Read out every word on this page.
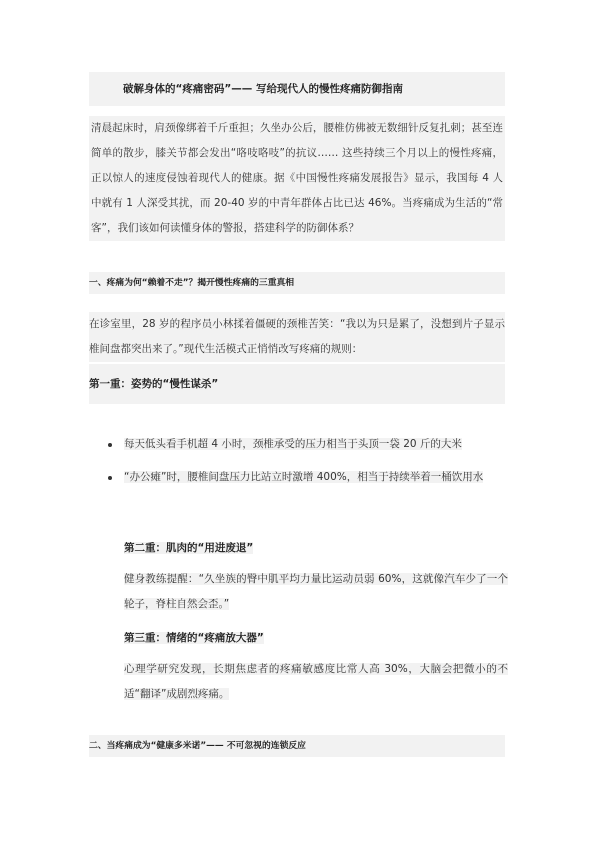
破解身体的“疼痛密码”—— 写给现代人的慢性疼痛防御指南
清晨起床时，肩颈像绑着千斤重担；久坐办公后，腰椎仿佛被无数细针反复扎刺；甚至连简单的散步，膝关节都会发出“咯吱咯吱”的抗议…… 这些持续三个月以上的慢性疼痛，正以惊人的速度侵蚀着现代人的健康。据《中国慢性疼痛发展报告》显示，我国每 4 人中就有 1 人深受其扰，而 20-40 岁的中青年群体占比已达 46%。当疼痛成为生活的“常客”，我们该如何读懂身体的警报，搭建科学的防御体系？
一、疼痛为何“赖着不走”？揭开慢性疼痛的三重真相
在诊室里，28 岁的程序员小林揉着僵硬的颈椎苦笑：“我以为只是累了，没想到片子显示椎间盘都突出来了。”现代生活模式正悄悄改写疼痛的规则：
第一重：姿势的“慢性谋杀”
每天低头看手机超 4 小时，颈椎承受的压力相当于头顶一袋 20 斤的大米
“办公瘫”时，腰椎间盘压力比站立时激增 400%，相当于持续举着一桶饮用水
第二重：肌肉的“用进废退”
健身教练提醒：“久坐族的臀中肌平均力量比运动员弱 60%，这就像汽车少了一个轮子，脊柱自然会歪。”
第三重：情绪的“疼痛放大器”
心理学研究发现，长期焦虑者的疼痛敏感度比常人高 30%，大脑会把微小的不适“翻译”成剧烈疼痛。
二、当疼痛成为“健康多米诺”—— 不可忽视的连锁反应
